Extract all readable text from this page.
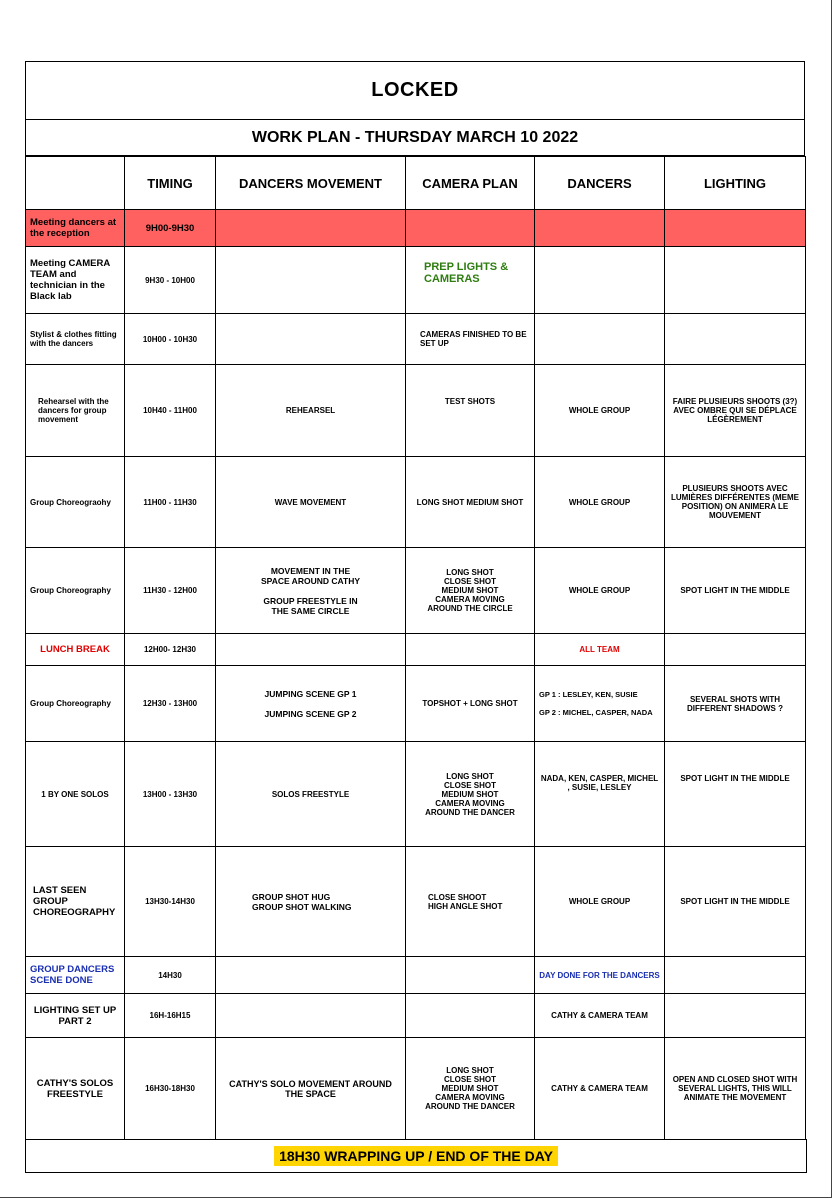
LOCKED
WORK PLAN - THURSDAY MARCH 10 2022
	TIMING	DANCERS MOVEMENT	CAMERA PLAN	DANCERS	LIGHTING
Meeting dancers at the reception	9H00-9H30				
Meeting CAMERA TEAM and technician in the Black lab	9H30 - 10H00		PREP LIGHTS & CAMERAS		
Stylist & clothes fitting with the dancers	10H00 - 10H30		CAMERAS FINISHED TO BE SET UP		
Rehearsel with the dancers for group movement	10H40 - 11H00	REHEARSEL	TEST SHOTS	WHOLE GROUP	FAIRE PLUSIEURS SHOOTS (3?) AVEC OMBRE QUI SE DÉPLACE LÉGÈREMENT
Group Choreograohy	11H00 - 11H30	WAVE MOVEMENT	LONG SHOT MEDIUM SHOT	WHOLE GROUP	PLUSIEURS SHOOTS AVEC LUMIÈRES DIFFÉRENTES (MEME POSITION) ON ANIMERA LE MOUVEMENT
Group Choreography	11H30 - 12H00	MOVEMENT IN THE
SPACE AROUND CATHY

GROUP FREESTYLE IN
THE SAME CIRCLE	LONG SHOT
CLOSE SHOT
MEDIUM SHOT
CAMERA MOVING
AROUND THE CIRCLE	WHOLE GROUP	SPOT LIGHT IN THE MIDDLE
LUNCH BREAK	12H00- 12H30			ALL TEAM	
Group Choreography	12H30 - 13H00	JUMPING SCENE GP 1

JUMPING SCENE GP 2	TOPSHOT + LONG SHOT	GP 1 : LESLEY, KEN, SUSIE

GP 2 : MICHEL, CASPER, NADA	SEVERAL SHOTS WITH DIFFERENT SHADOWS ?
1 BY ONE SOLOS	13H00 - 13H30	SOLOS FREESTYLE	LONG SHOT
CLOSE SHOT
MEDIUM SHOT
CAMERA MOVING
AROUND THE DANCER	NADA, KEN, CASPER, MICHEL , SUSIE, LESLEY	SPOT LIGHT IN THE MIDDLE
LAST SEEN GROUP CHOREOGRAPHY	13H30-14H30	GROUP SHOT HUG
GROUP SHOT WALKING	CLOSE SHOOT
HIGH ANGLE SHOT	WHOLE GROUP	SPOT LIGHT IN THE MIDDLE
GROUP DANCERS SCENE DONE	14H30			DAY DONE FOR THE DANCERS	
LIGHTING SET UP PART 2	16H-16H15			CATHY & CAMERA TEAM	
CATHY'S SOLOS FREESTYLE	16H30-18H30	CATHY'S SOLO MOVEMENT AROUND THE SPACE	LONG SHOT
CLOSE SHOT
MEDIUM SHOT
CAMERA MOVING
AROUND THE DANCER	CATHY & CAMERA TEAM	OPEN AND CLOSED SHOT WITH SEVERAL LIGHTS, THIS WILL ANIMATE THE MOVEMENT
18H30 WRAPPING UP / END OF THE DAY
